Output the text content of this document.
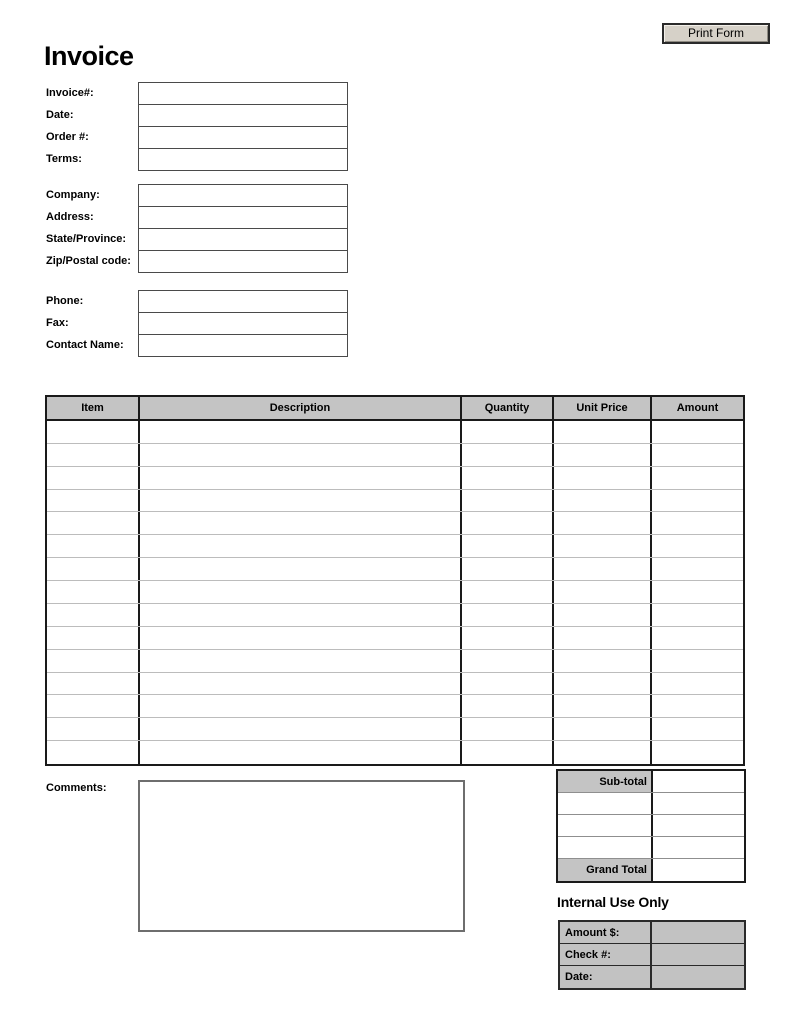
Print Form
Invoice
Invoice#:
Date:
Order #:
Terms:
Company:
Address:
State/Province:
Zip/Postal code:
Phone:
Fax:
Contact Name:
Item	Description	Quantity	Unit Price	Amount
Comments:
Sub-total
Grand Total
Internal Use Only
Amount $:
Check #:
Date:
